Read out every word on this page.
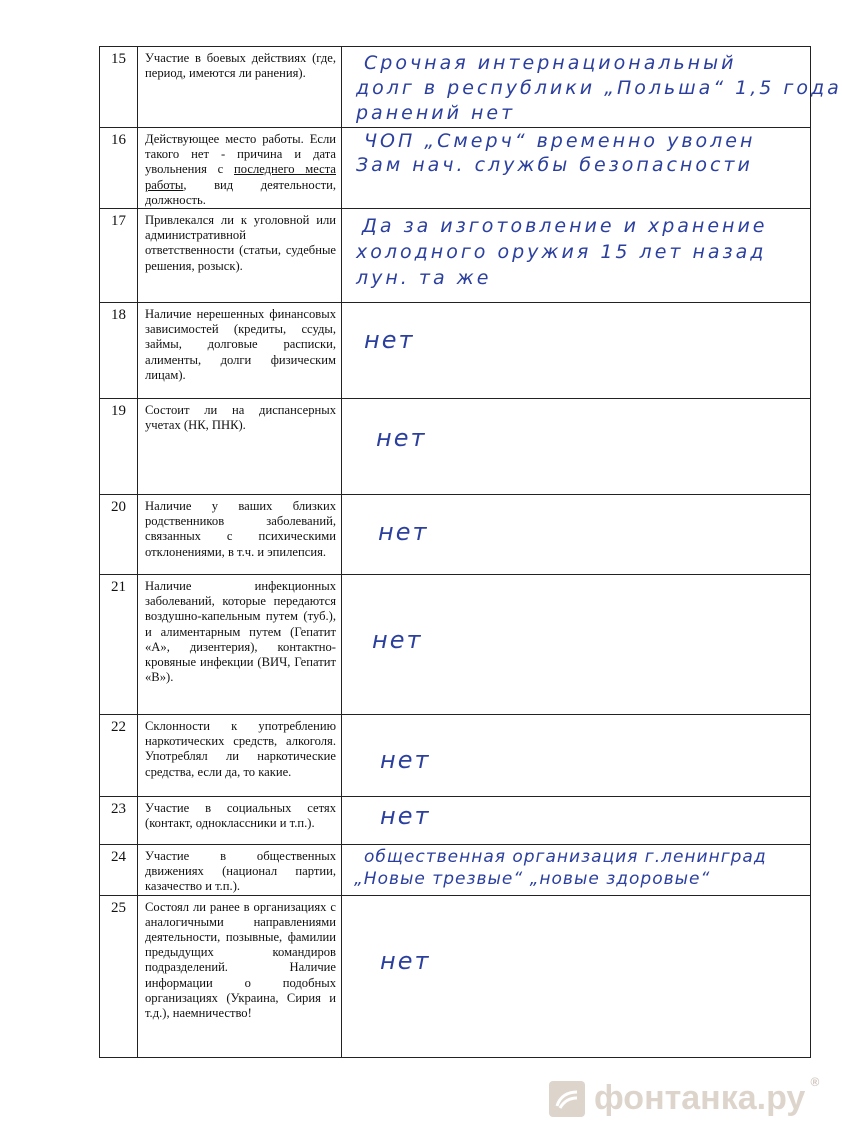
15	Участие в боевых действиях (где, период, имеются ли ранения).	Срочная интернациональный
долг в республики „Польша“ 1,5 года
ранений нет

16	Действующее место работы. Если такого нет - причина и дата увольнения с последнего места работы, вид деятельности, должность.	ЧОП „Смерч“ временно уволен
Зам нач. службы безопасности

17	Привлекался ли к уголовной или административной ответственности (статьи, судебные решения, розыск).	Да за изготовление и хранение
холодного оружия 15 лет назад
лун. та же

18	Наличие нерешенных финансовых зависимостей (кредиты, ссуды, займы, долговые расписки, алименты, долги физическим лицам).	нет

19	Состоит ли на диспансерных учетах (НК, ПНК).	нет

20	Наличие у ваших близких родственников заболеваний, связанных с психическими отклонениями, в т.ч. и эпилепсия.	нет

21	Наличие инфекционных заболеваний, которые передаются воздушно-капельным путем (туб.), и алиментарным путем (Гепатит «А», дизентерия), контактно-кровяные инфекции (ВИЧ, Гепатит «В»).	нет

22	Склонности к употреблению наркотических средств, алкоголя. Употреблял ли наркотические средства, если да, то какие.	нет

23	Участие в социальных сетях (контакт, одноклассники и т.п.).	нет

24	Участие в общественных движениях (национал партии, казачество и т.п.).	общественная организация г.ленинград
„Новые трезвые“ „новые здоровые“

25	Состоял ли ранее в организациях с аналогичными направлениями деятельности, позывные, фамилии предыдущих командиров подразделений. Наличие информации о подобных организациях (Украина, Сирия и т.д.), наемничество!	нет
фонтанка.ру ®
